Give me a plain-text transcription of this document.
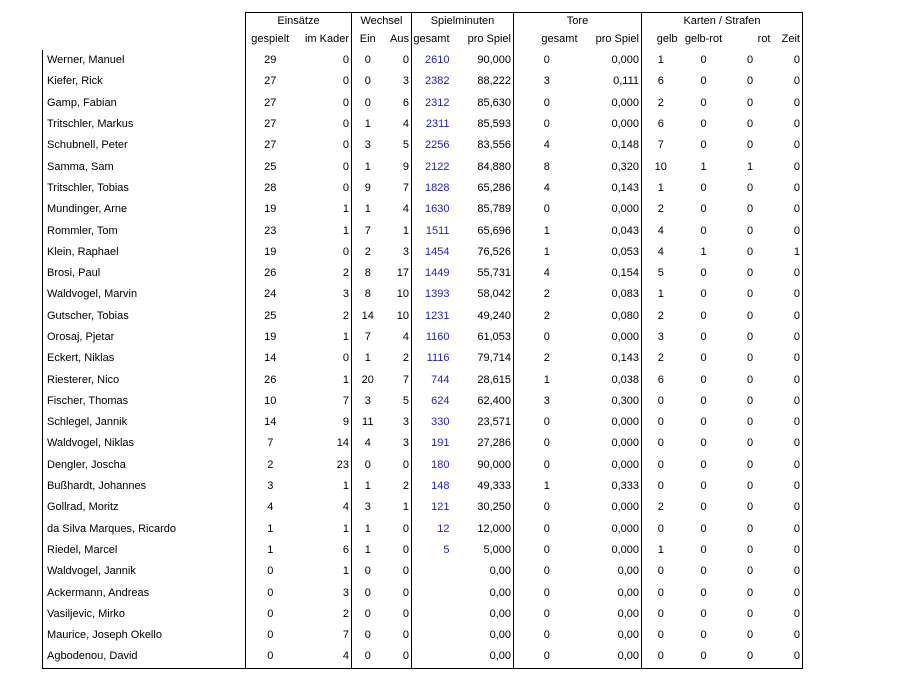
	Einsätze		Wechsel		Spielminuten		Tore		Karten / Strafen			
	gespielt	im Kader	Ein	Aus	gesamt	pro Spiel	gesamt	pro Spiel	gelb	gelb-rot	rot	Zeit
Werner, Manuel	29	0	0	0	2610	90,000	0	0,000	1	0	0	0
Kiefer, Rick	27	0	0	3	2382	88,222	3	0,111	6	0	0	0
Gamp, Fabian	27	0	0	6	2312	85,630	0	0,000	2	0	0	0
Tritschler, Markus	27	0	1	4	2311	85,593	0	0,000	6	0	0	0
Schubnell, Peter	27	0	3	5	2256	83,556	4	0,148	7	0	0	0
Samma, Sam	25	0	1	9	2122	84,880	8	0,320	10	1	1	0
Tritschler, Tobias	28	0	9	7	1828	65,286	4	0,143	1	0	0	0
Mundinger, Arne	19	1	1	4	1630	85,789	0	0,000	2	0	0	0
Rommler, Tom	23	1	7	1	1511	65,696	1	0,043	4	0	0	0
Klein, Raphael	19	0	2	3	1454	76,526	1	0,053	4	1	0	1
Brosi, Paul	26	2	8	17	1449	55,731	4	0,154	5	0	0	0
Waldvogel, Marvin	24	3	8	10	1393	58,042	2	0,083	1	0	0	0
Gutscher, Tobias	25	2	14	10	1231	49,240	2	0,080	2	0	0	0
Orosaj, Pjetar	19	1	7	4	1160	61,053	0	0,000	3	0	0	0
Eckert, Niklas	14	0	1	2	1116	79,714	2	0,143	2	0	0	0
Riesterer, Nico	26	1	20	7	744	28,615	1	0,038	6	0	0	0
Fischer, Thomas	10	7	3	5	624	62,400	3	0,300	0	0	0	0
Schlegel, Jannik	14	9	11	3	330	23,571	0	0,000	0	0	0	0
Waldvogel, Niklas	7	14	4	3	191	27,286	0	0,000	0	0	0	0
Dengler, Joscha	2	23	0	0	180	90,000	0	0,000	0	0	0	0
Bußhardt, Johannes	3	1	1	2	148	49,333	1	0,333	0	0	0	0
Gollrad, Moritz	4	4	3	1	121	30,250	0	0,000	2	0	0	0
da Silva Marques, Ricardo	1	1	1	0	12	12,000	0	0,000	0	0	0	0
Riedel, Marcel	1	6	1	0	5	5,000	0	0,000	1	0	0	0
Waldvogel, Jannik	0	1	0	0		0,00	0	0,00	0	0	0	0
Ackermann, Andreas	0	3	0	0		0,00	0	0,00	0	0	0	0
Vasiljevic, Mirko	0	2	0	0		0,00	0	0,00	0	0	0	0
Maurice, Joseph Okello	0	7	0	0		0,00	0	0,00	0	0	0	0
Agbodenou, David	0	4	0	0		0,00	0	0,00	0	0	0	0
